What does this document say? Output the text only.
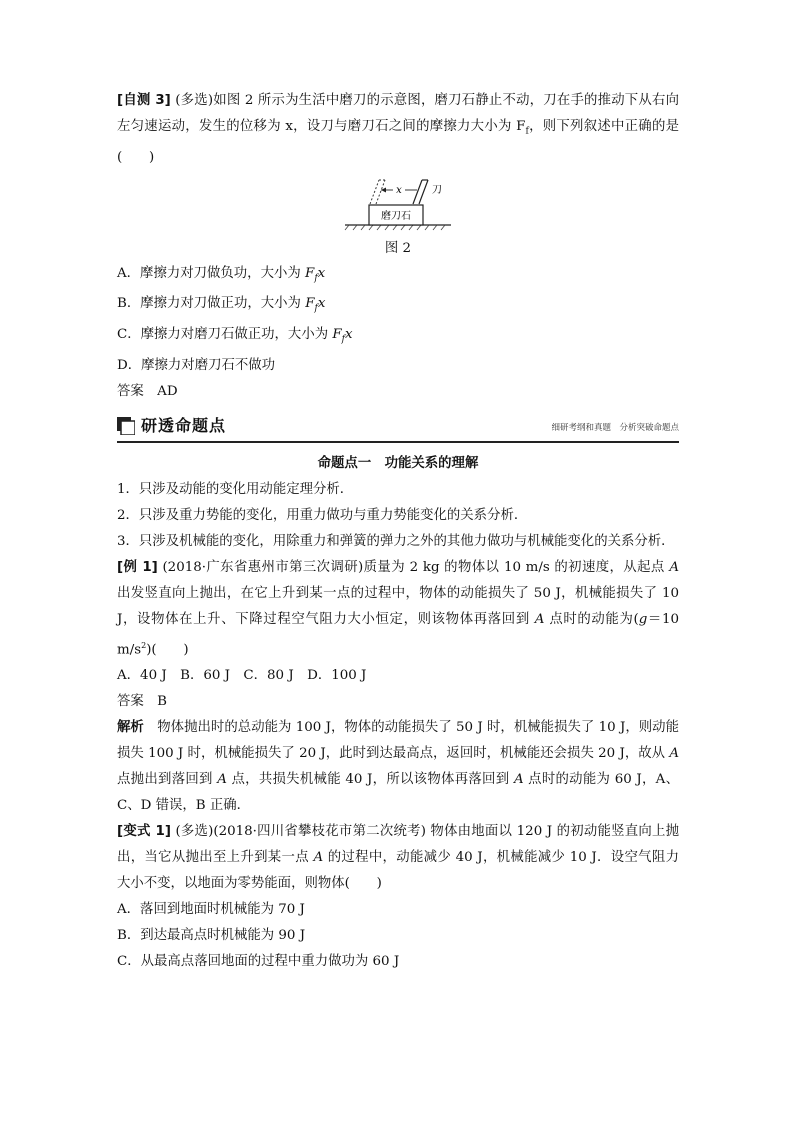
[自测 3] (多选)如图 2 所示为生活中磨刀的示意图，磨刀石静止不动，刀在手的推动下从右向左匀速运动，发生的位移为 x，设刀与磨刀石之间的摩擦力大小为 $F_f$，则下列叙述中正确的是(　　)

磨刀石
x	刀
图 2

A．摩擦力对刀做负功，大小为 $F_fx$

B．摩擦力对刀做正功，大小为 $F_fx$

C．摩擦力对磨刀石做正功，大小为 $F_fx$

D．摩擦力对磨刀石不做功

答案　AD

研透命题点	细研考纲和真题　分析突破命题点

命题点一　功能关系的理解

1．只涉及动能的变化用动能定理分析．

2．只涉及重力势能的变化，用重力做功与重力势能变化的关系分析．

3．只涉及机械能的变化，用除重力和弹簧的弹力之外的其他力做功与机械能变化的关系分析．

[例 1] (2018·广东省惠州市第三次调研)质量为 2 kg 的物体以 10 m/s 的初速度，从起点 A 出发竖直向上抛出，在它上升到某一点的过程中，物体的动能损失了 50 J，机械能损失了 10 J，设物体在上升、下降过程空气阻力大小恒定，则该物体再落回到 A 点时的动能为(g＝10 $m/s^2$)(　　)

A．40 J　B．60 J　C．80 J　D．100 J

答案　B

解析　物体抛出时的总动能为 100 J，物体的动能损失了 50 J 时，机械能损失了 10 J，则动能损失 100 J 时，机械能损失了 20 J，此时到达最高点，返回时，机械能还会损失 20 J，故从 A 点抛出到落回到 A 点，共损失机械能 40 J，所以该物体再落回到 A 点时的动能为 60 J，A、C、D 错误，B 正确．

[变式 1] (多选)(2018·四川省攀枝花市第二次统考) 物体由地面以 120 J 的初动能竖直向上抛出，当它从抛出至上升到某一点 A 的过程中，动能减少 40 J，机械能减少 10 J．设空气阻力大小不变，以地面为零势能面，则物体(　　)

A．落回到地面时机械能为 70 J

B．到达最高点时机械能为 90 J

C．从最高点落回地面的过程中重力做功为 60 J
